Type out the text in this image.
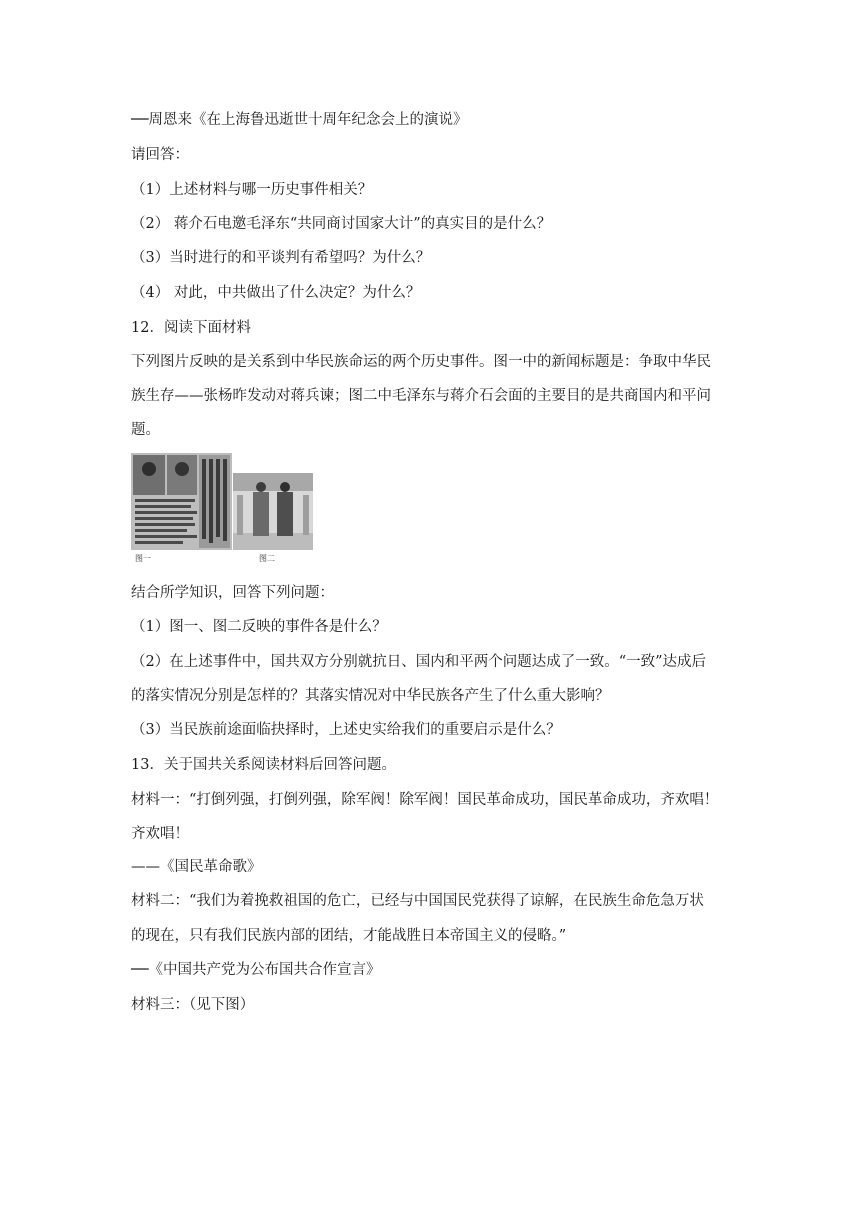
──周恩来《在上海鲁迅逝世十周年纪念会上的演说》
请回答：
（1）上述材料与哪一历史事件相关？
（2） 蒋介石电邀毛泽东“共同商讨国家大计”的真实目的是什么？
（3）当时进行的和平谈判有希望吗？为什么？
（4） 对此，中共做出了什么决定？为什么？
12．阅读下面材料
下列图片反映的是关系到中华民族命运的两个历史事件。图一中的新闻标题是：争取中华民
族生存——张杨昨发动对蒋兵谏；图二中毛泽东与蒋介石会面的主要目的是共商国内和平问
题。
图一	图二
结合所学知识，回答下列问题：
（1）图一、图二反映的事件各是什么？
（2）在上述事件中，国共双方分别就抗日、国内和平两个问题达成了一致。“一致”达成后
的落实情况分别是怎样的？其落实情况对中华民族各产生了什么重大影响？
（3）当民族前途面临抉择时，上述史实给我们的重要启示是什么？
13．关于国共关系阅读材料后回答问题。
材料一：“打倒列强，打倒列强，除军阀！除军阀！国民革命成功，国民革命成功，齐欢唱！
齐欢唱！
——《国民革命歌》
材料二：“我们为着挽救祖国的危亡，已经与中国国民党获得了谅解，在民族生命危急万状
的现在，只有我们民族内部的团结，才能战胜日本帝国主义的侵略。”
──《中国共产党为公布国共合作宣言》
材料三：（见下图）
